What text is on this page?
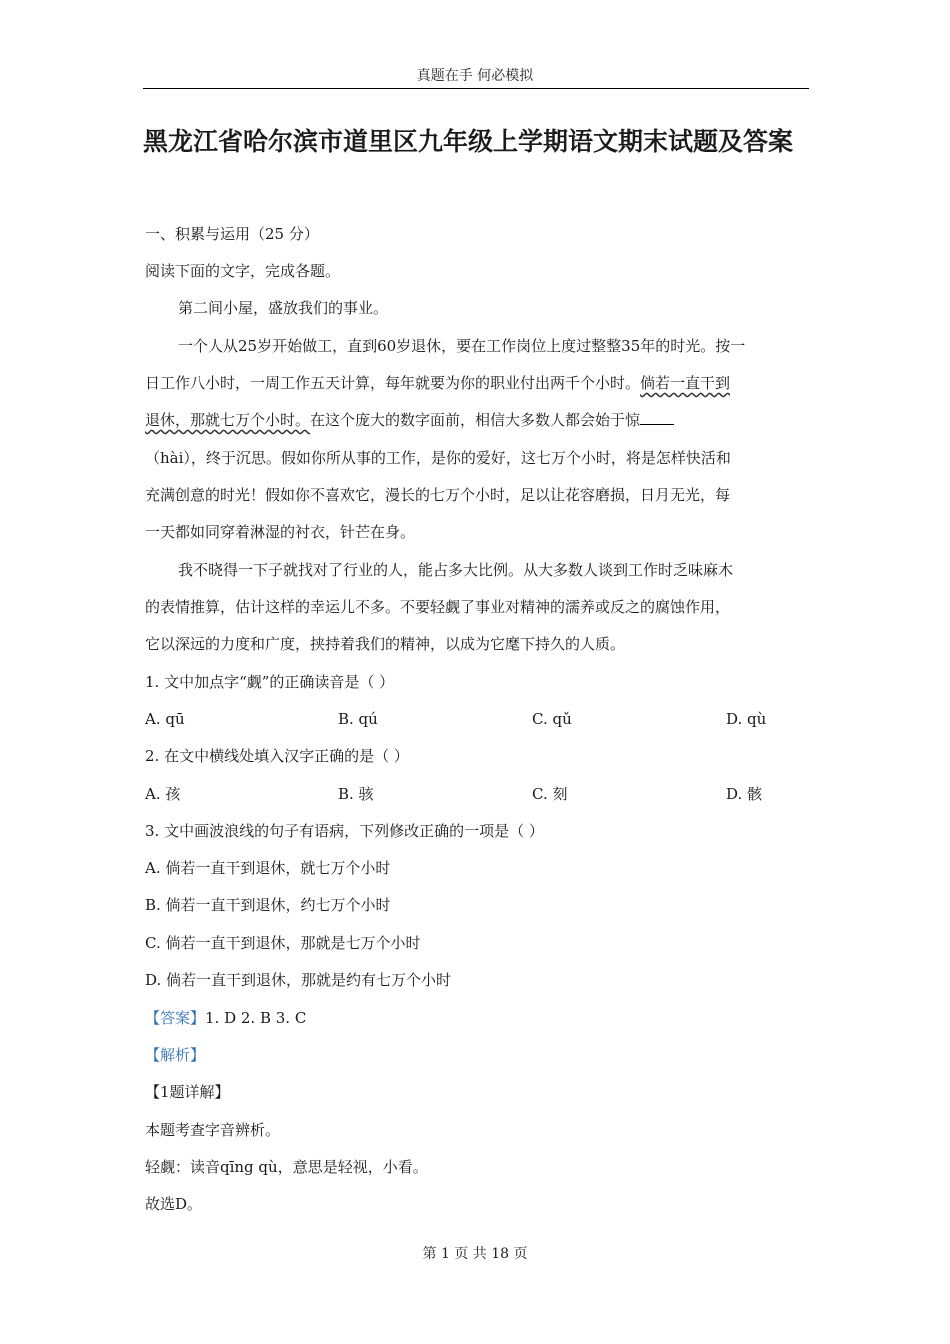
真题在手 何必模拟
黑龙江省哈尔滨市道里区九年级上学期语文期末试题及答案
一、积累与运用（25 分）
阅读下面的文字，完成各题。
第二间小屋，盛放我们的事业。
一个人从25岁开始做工，直到60岁退休，要在工作岗位上度过整整35年的时光。按一
日工作八小时，一周工作五天计算，每年就要为你的职业付出两千个小时。倘若一直干到
退休，那就七万个小时。在这个庞大的数字面前，相信大多数人都会始于惊
（hài），终于沉思。假如你所从事的工作，是你的爱好，这七万个小时，将是怎样快活和
充满创意的时光！假如你不喜欢它，漫长的七万个小时，足以让花容磨损，日月无光，每
一天都如同穿着淋湿的衬衣，针芒在身。
我不晓得一下子就找对了行业的人，能占多大比例。从大多数人谈到工作时乏味麻木
的表情推算，估计这样的幸运儿不多。不要轻觑了事业对精神的濡养或反之的腐蚀作用，
它以深远的力度和广度，挟持着我们的精神，以成为它麾下持久的人质。
1. 文中加点字“觑”的正确读音是（ ）
A. qū	B. qú	C. qǔ	D. qù
2. 在文中横线处填入汉字正确的是（ ）
A. 孩	B. 骇	C. 刻	D. 骸
3. 文中画波浪线的句子有语病，下列修改正确的一项是（ ）
A. 倘若一直干到退休，就七万个小时
B. 倘若一直干到退休，约七万个小时
C. 倘若一直干到退休，那就是七万个小时
D. 倘若一直干到退休，那就是约有七万个小时
【答案】1. D 2. B 3. C
【解析】
【1题详解】
本题考查字音辨析。
轻觑：读音qīng qù，意思是轻视，小看。
故选D。
第 1 页 共 18 页
